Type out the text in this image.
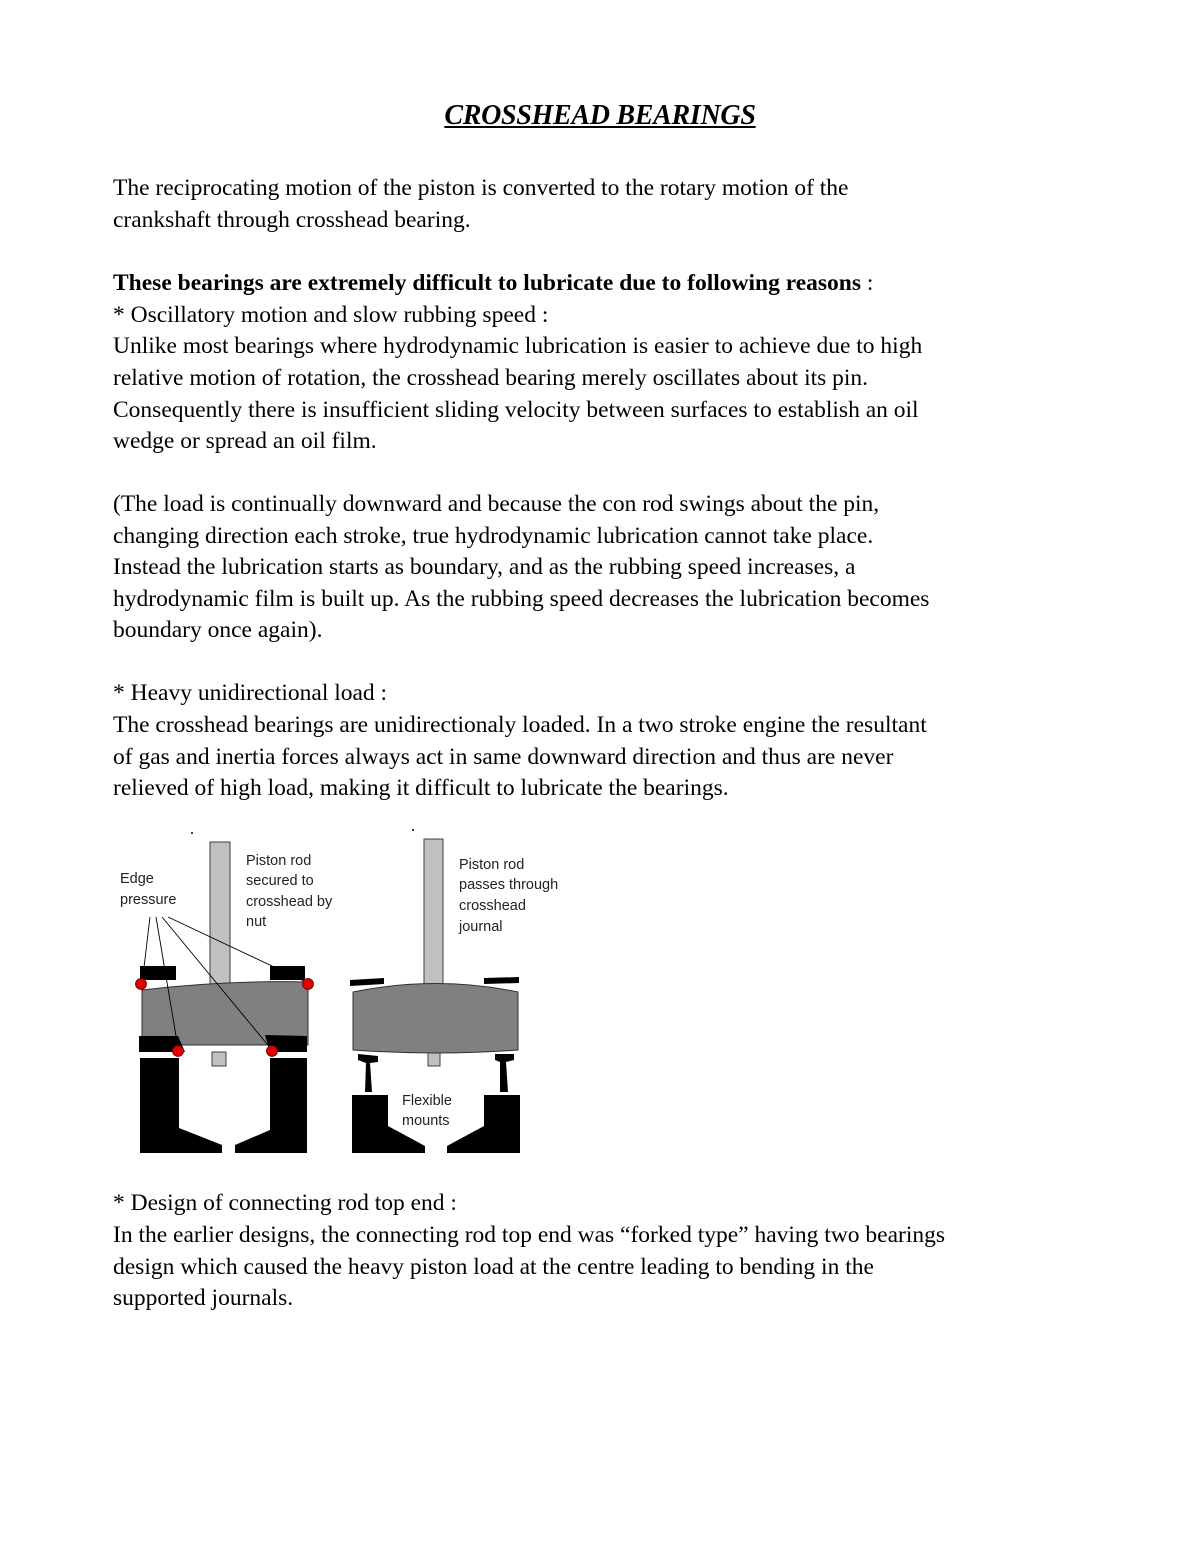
CROSSHEAD BEARINGS
The reciprocating motion of the piston is converted to the rotary motion of the
crankshaft through crosshead bearing.
These bearings are extremely difficult to lubricate due to following reasons :
* Oscillatory motion and slow rubbing speed :
Unlike most bearings where hydrodynamic lubrication is easier to achieve due to high
relative motion of rotation, the crosshead bearing merely oscillates about its pin.
Consequently there is insufficient sliding velocity between surfaces to establish an oil
wedge or spread an oil film.
(The load is continually downward and because the con rod swings about the pin,
changing direction each stroke, true hydrodynamic lubrication cannot take place.
Instead the lubrication starts as boundary, and as the rubbing speed increases, a
hydrodynamic film is built up. As the rubbing speed decreases the lubrication becomes
boundary once again).
* Heavy unidirectional load :
The crosshead bearings are unidirectionaly loaded. In a two stroke engine the resultant
of gas and inertia forces always act in same downward direction and thus are never
relieved of high load, making it difficult to lubricate the bearings.
Edge
pressure
Piston rod
secured to
crosshead by
nut
Piston rod
passes through
crosshead
journal
Flexible
mounts
* Design of connecting rod top end :
In the earlier designs, the connecting rod top end was “forked type” having two bearings
design which caused the heavy piston load at the centre leading to bending in the
supported journals.
